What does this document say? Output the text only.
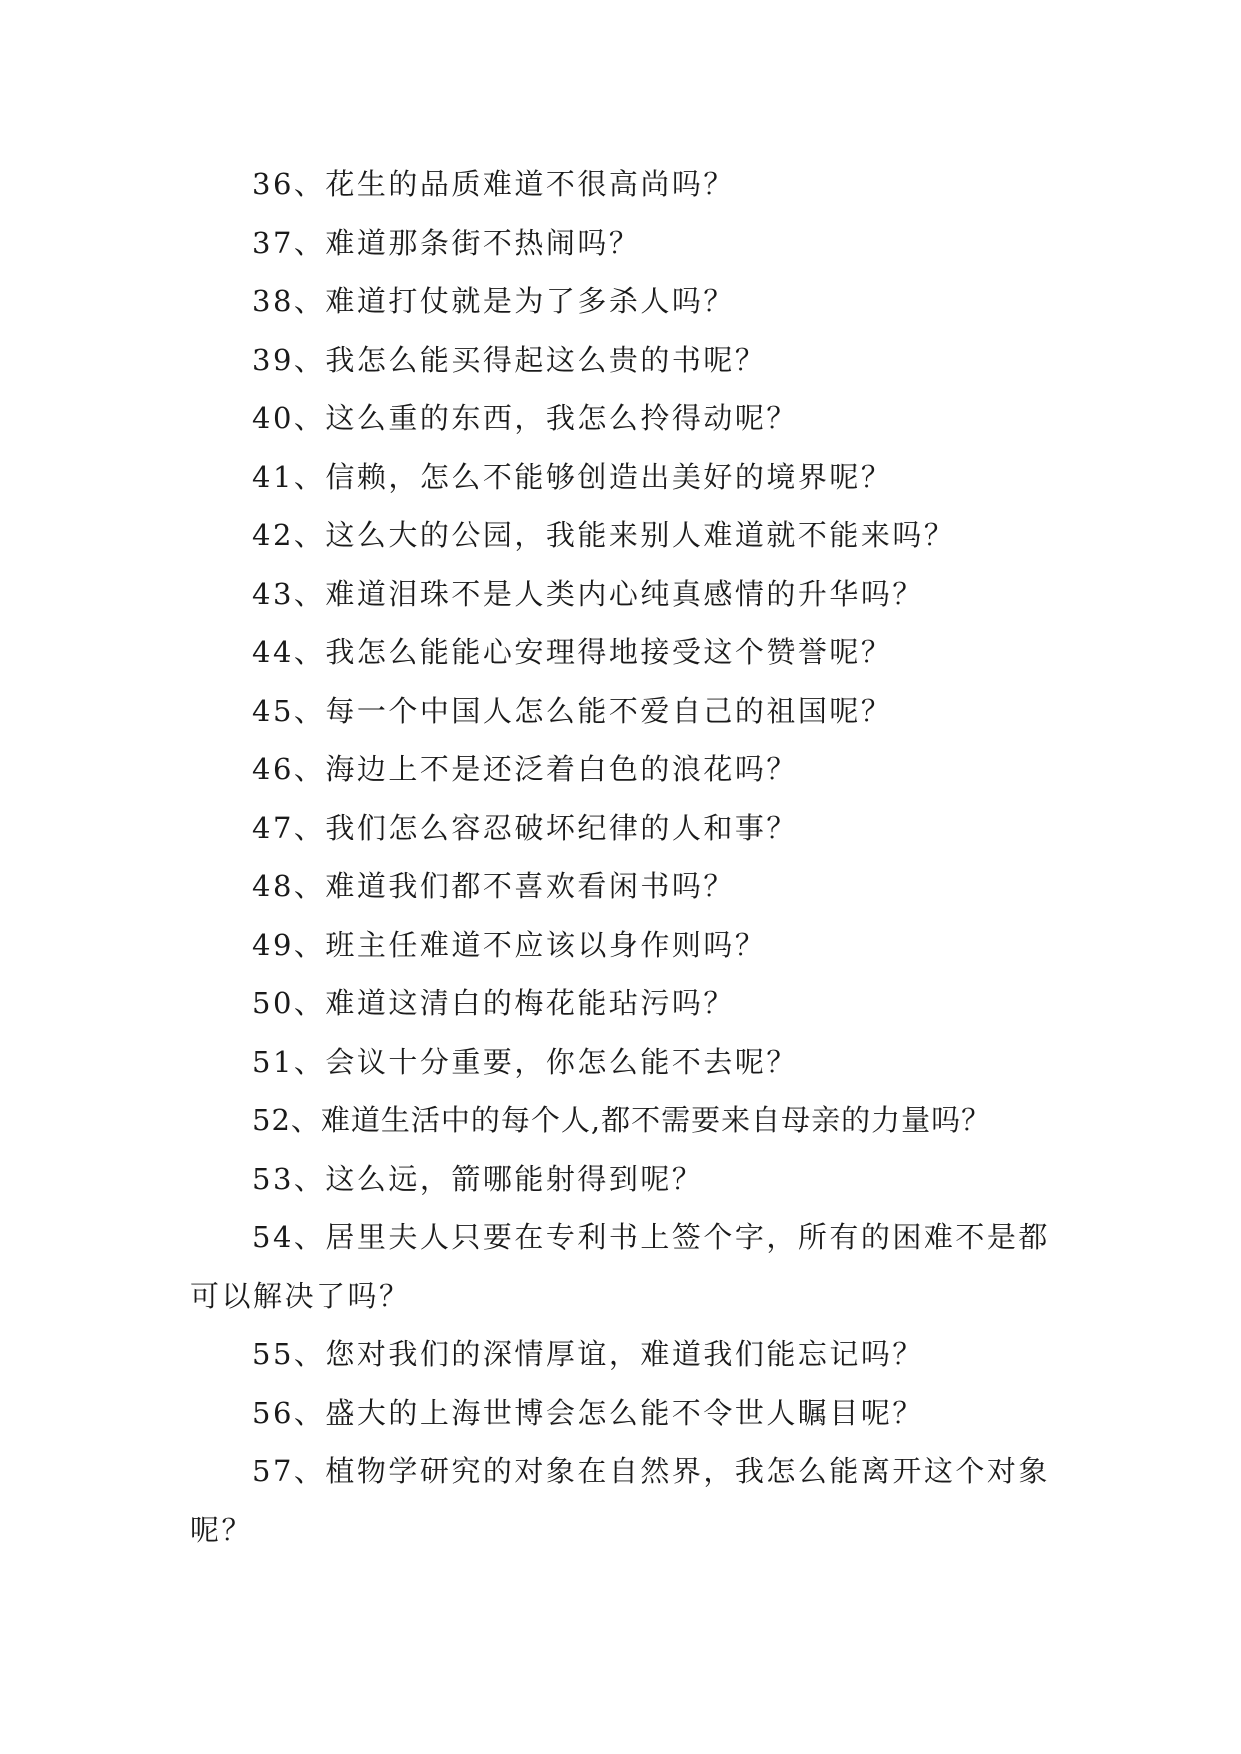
36、花生的品质难道不很高尚吗？

37、难道那条街不热闹吗？

38、难道打仗就是为了多杀人吗？

39、我怎么能买得起这么贵的书呢？

40、这么重的东西，我怎么拎得动呢？

41、信赖，怎么不能够创造出美好的境界呢？

42、这么大的公园，我能来别人难道就不能来吗？

43、难道泪珠不是人类内心纯真感情的升华吗？

44、我怎么能能心安理得地接受这个赞誉呢？

45、每一个中国人怎么能不爱自己的祖国呢？

46、海边上不是还泛着白色的浪花吗？

47、我们怎么容忍破坏纪律的人和事？

48、难道我们都不喜欢看闲书吗？

49、班主任难道不应该以身作则吗？

50、难道这清白的梅花能玷污吗？

51、会议十分重要，你怎么能不去呢？

52、难道生活中的每个人,都不需要来自母亲的力量吗？

53、这么远，箭哪能射得到呢？

54、居里夫人只要在专利书上签个字，所有的困难不是都可以解决了吗？

55、您对我们的深情厚谊，难道我们能忘记吗？

56、盛大的上海世博会怎么能不令世人瞩目呢？

57、植物学研究的对象在自然界，我怎么能离开这个对象呢？
